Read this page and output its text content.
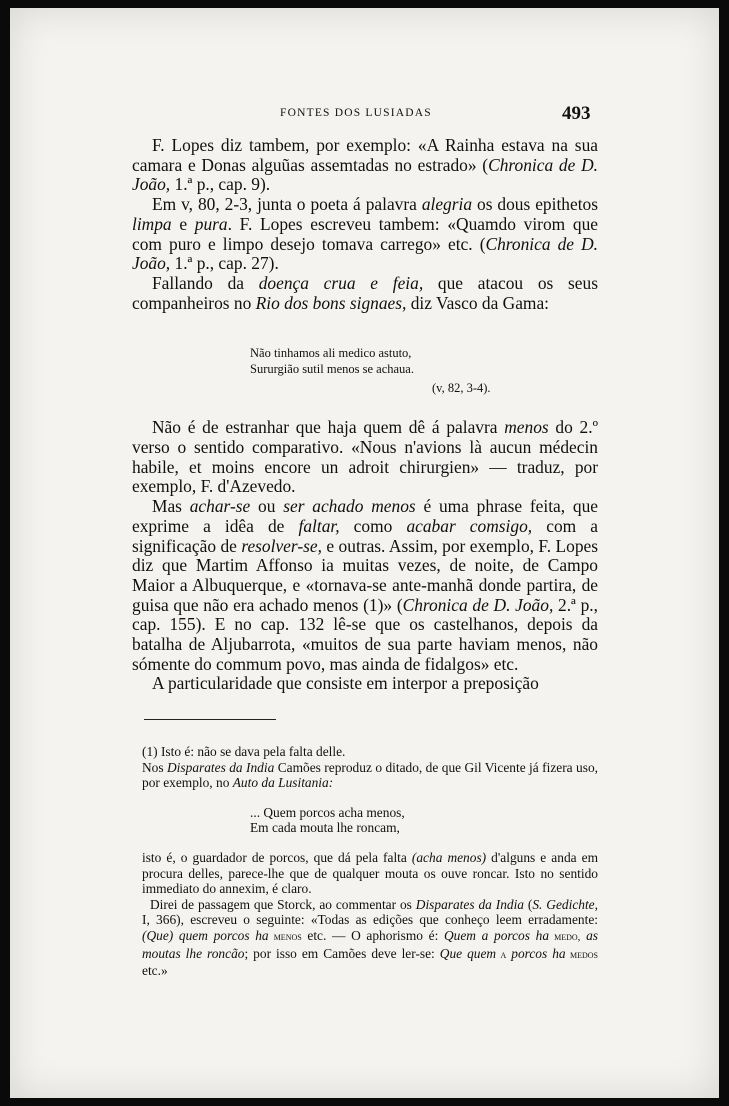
FONTES DOS LUSIADAS	493

F. Lopes diz tambem, por exemplo: «A Rainha estava na sua camara e Donas alguũas assemtadas no estrado» (Chronica de D. João, 1.ª p., cap. 9).

Em v, 80, 2-3, junta o poeta á palavra alegria os dous epithetos limpa e pura. F. Lopes escreveu tambem: «Quamdo virom que com puro e limpo desejo tomava carrego» etc. (Chronica de D. João, 1.ª p., cap. 27).

Fallando da doença crua e feia, que atacou os seus companheiros no Rio dos bons signaes, diz Vasco da Gama:

Não tinhamos ali medico astuto,
Sururgião sutil menos se achaua.
(v, 82, 3-4).

Não é de estranhar que haja quem dê á palavra menos do 2.º verso o sentido comparativo. «Nous n'avions là aucun médecin habile, et moins encore un adroit chirurgien» — traduz, por exemplo, F. d'Azevedo.

Mas achar-se ou ser achado menos é uma phrase feita, que exprime a idêa de faltar, como acabar comsigo, com a significação de resolver-se, e outras. Assim, por exemplo, F. Lopes diz que Martim Affonso ia muitas vezes, de noite, de Campo Maior a Albuquerque, e «tornava-se ante-manhã donde partira, de guisa que não era achado menos (1)» (Chronica de D. João, 2.ª p., cap. 155). E no cap. 132 lê-se que os castelhanos, depois da batalha de Aljubarrota, «muitos de sua parte haviam menos, não sómente do commum povo, mas ainda de fidalgos» etc.

A particularidade que consiste em interpor a preposição

(1) Isto é: não se dava pela falta delle.

Nos Disparates da India Camões reproduz o ditado, de que Gil Vicente já fizera uso, por exemplo, no Auto da Lusitania:

... Quem porcos acha menos,
Em cada mouta lhe roncam,

isto é, o guardador de porcos, que dá pela falta (acha menos) d'alguns e anda em procura delles, parece-lhe que de qualquer mouta os ouve roncar. Isto no sentido immediato do annexim, é claro.

Direi de passagem que Storck, ao commentar os Disparates da India (S. Gedichte, I, 366), escreveu o seguinte: «Todas as edições que conheço leem erradamente: (Que) quem porcos ha menos etc. — O aphorismo é: Quem a porcos ha medo, as moutas lhe roncão; por isso em Camões deve ler-se: Que quem a porcos ha medos etc.»
